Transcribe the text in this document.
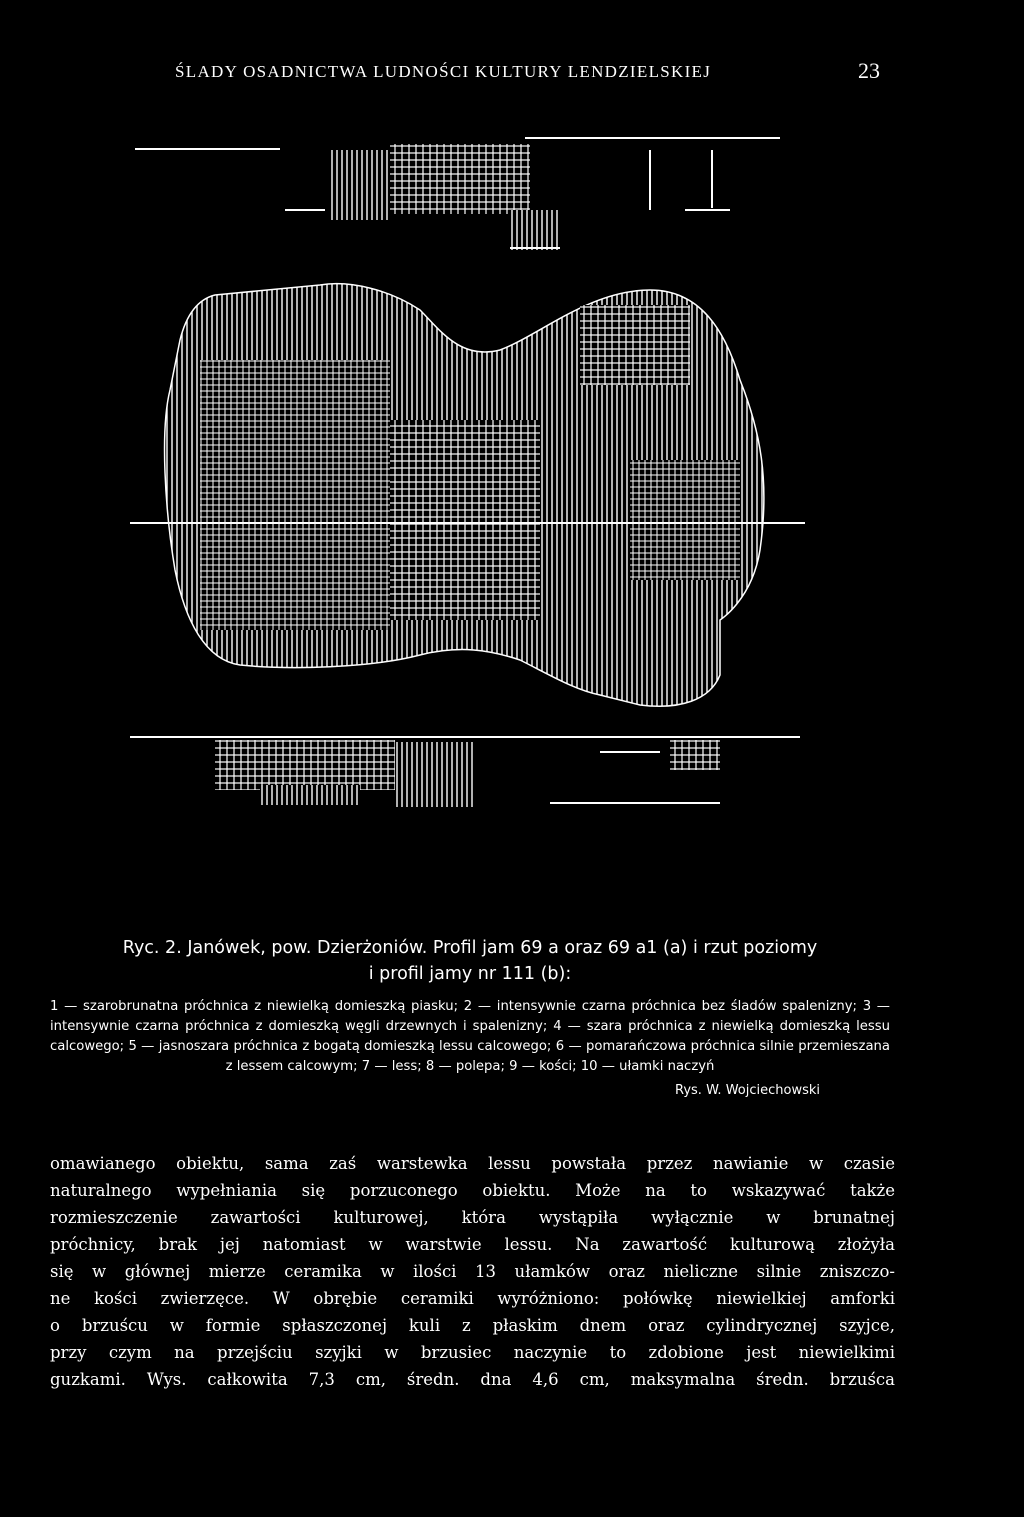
ŚLADY OSADNICTWA LUDNOŚCI KULTURY LENDZIELSKIEJ	23

Ryc. 2. Janówek, pow. Dzierżoniów. Profil jam 69 a oraz 69 a1 (a) i rzut poziomy

i profil jamy nr 111 (b):

1 — szarobrunatna próchnica z niewielką domieszką piasku; 2 — intensywnie czarna próchnica bez śladów spalenizny; 3 — intensywnie czarna próchnica z domieszką węgli drzewnych i spalenizny; 4 — szara próchnica z niewielką domieszką lessu calcowego; 5 — jasnoszara próchnica z bogatą domieszką lessu calcowego; 6 — pomarańczowa próchnica silnie przemieszana z lessem calcowym; 7 — less; 8 — polepa; 9 — kości; 10 — ułamki naczyń

Rys. W. Wojciechowski

omawianego obiektu, sama zaś warstewka lessu powstała przez nawianie w czasie
naturalnego wypełniania się porzuconego obiektu. Może na to wskazywać także
rozmieszczenie zawartości kulturowej, która wystąpiła wyłącznie w brunatnej
próchnicy, brak jej natomiast w warstwie lessu. Na zawartość kulturową złożyła
się w głównej mierze ceramika w ilości 13 ułamków oraz nieliczne silnie zniszczo-
ne kości zwierzęce. W obrębie ceramiki wyróżniono: połówkę niewielkiej amforki
o brzuścu w formie spłaszczonej kuli z płaskim dnem oraz cylindrycznej szyjce,
przy czym na przejściu szyjki w brzusiec naczynie to zdobione jest niewielkimi
guzkami. Wys. całkowita 7,3 cm, średn. dna 4,6 cm, maksymalna średn. brzuśca
